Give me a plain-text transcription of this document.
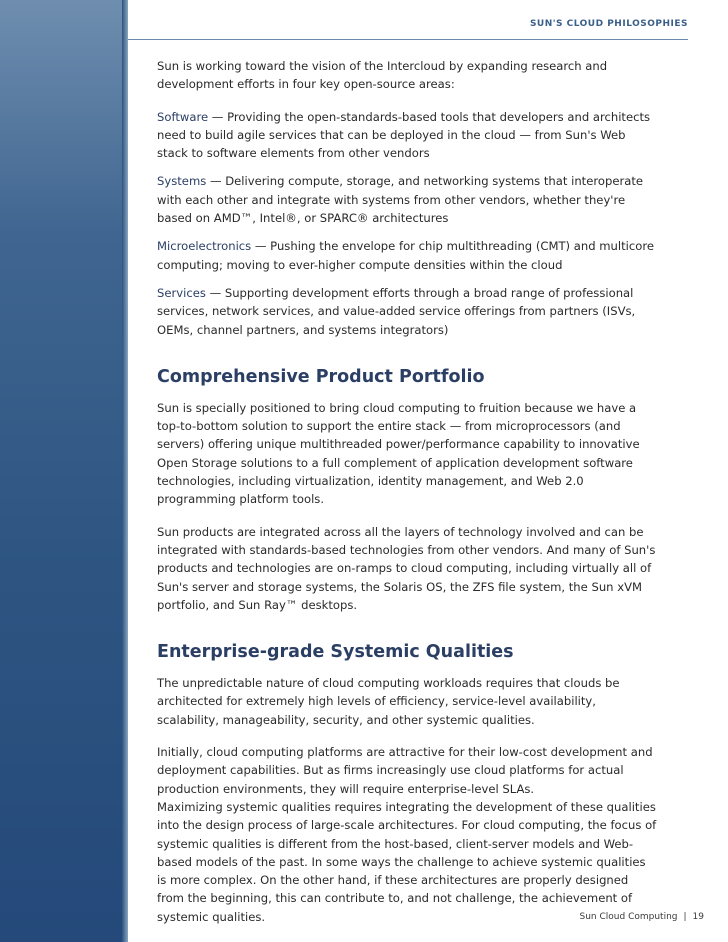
SUN'S CLOUD PHILOSOPHIES

Sun is working toward the vision of the Intercloud by expanding research and development efforts in four key open-source areas:

Software — Providing the open-standards-based tools that developers and architects need to build agile services that can be deployed in the cloud — from Sun's Web stack to software elements from other vendors

Systems — Delivering compute, storage, and networking systems that interoperate with each other and integrate with systems from other vendors, whether they're based on AMD™, Intel®, or SPARC® architectures

Microelectronics — Pushing the envelope for chip multithreading (CMT) and multicore computing; moving to ever-higher compute densities within the cloud

Services — Supporting development efforts through a broad range of professional services, network services, and value-added service offerings from partners (ISVs, OEMs, channel partners, and systems integrators)

Comprehensive Product Portfolio

Sun is specially positioned to bring cloud computing to fruition because we have a top-to-bottom solution to support the entire stack — from microprocessors (and servers) offering unique multithreaded power/performance capability to innovative Open Storage solutions to a full complement of application development software technologies, including virtualization, identity management, and Web 2.0 programming platform tools.

Sun products are integrated across all the layers of technology involved and can be integrated with standards-based technologies from other vendors. And many of Sun's products and technologies are on-ramps to cloud computing, including virtually all of Sun's server and storage systems, the Solaris OS, the ZFS file system, the Sun xVM portfolio, and Sun Ray™ desktops.

Enterprise-grade Systemic Qualities

The unpredictable nature of cloud computing workloads requires that clouds be architected for extremely high levels of efficiency, service-level availability, scalability, manageability, security, and other systemic qualities.

Initially, cloud computing platforms are attractive for their low-cost development and deployment capabilities. But as firms increasingly use cloud platforms for actual production environments, they will require enterprise-level SLAs.

Maximizing systemic qualities requires integrating the development of these qualities into the design process of large-scale architectures. For cloud computing, the focus of systemic qualities is different from the host-based, client-server models and Web-based models of the past. In some ways the challenge to achieve systemic qualities is more complex. On the other hand, if these architectures are properly designed from the beginning, this can contribute to, and not challenge, the achievement of systemic qualities.	Sun Cloud Computing | 19
